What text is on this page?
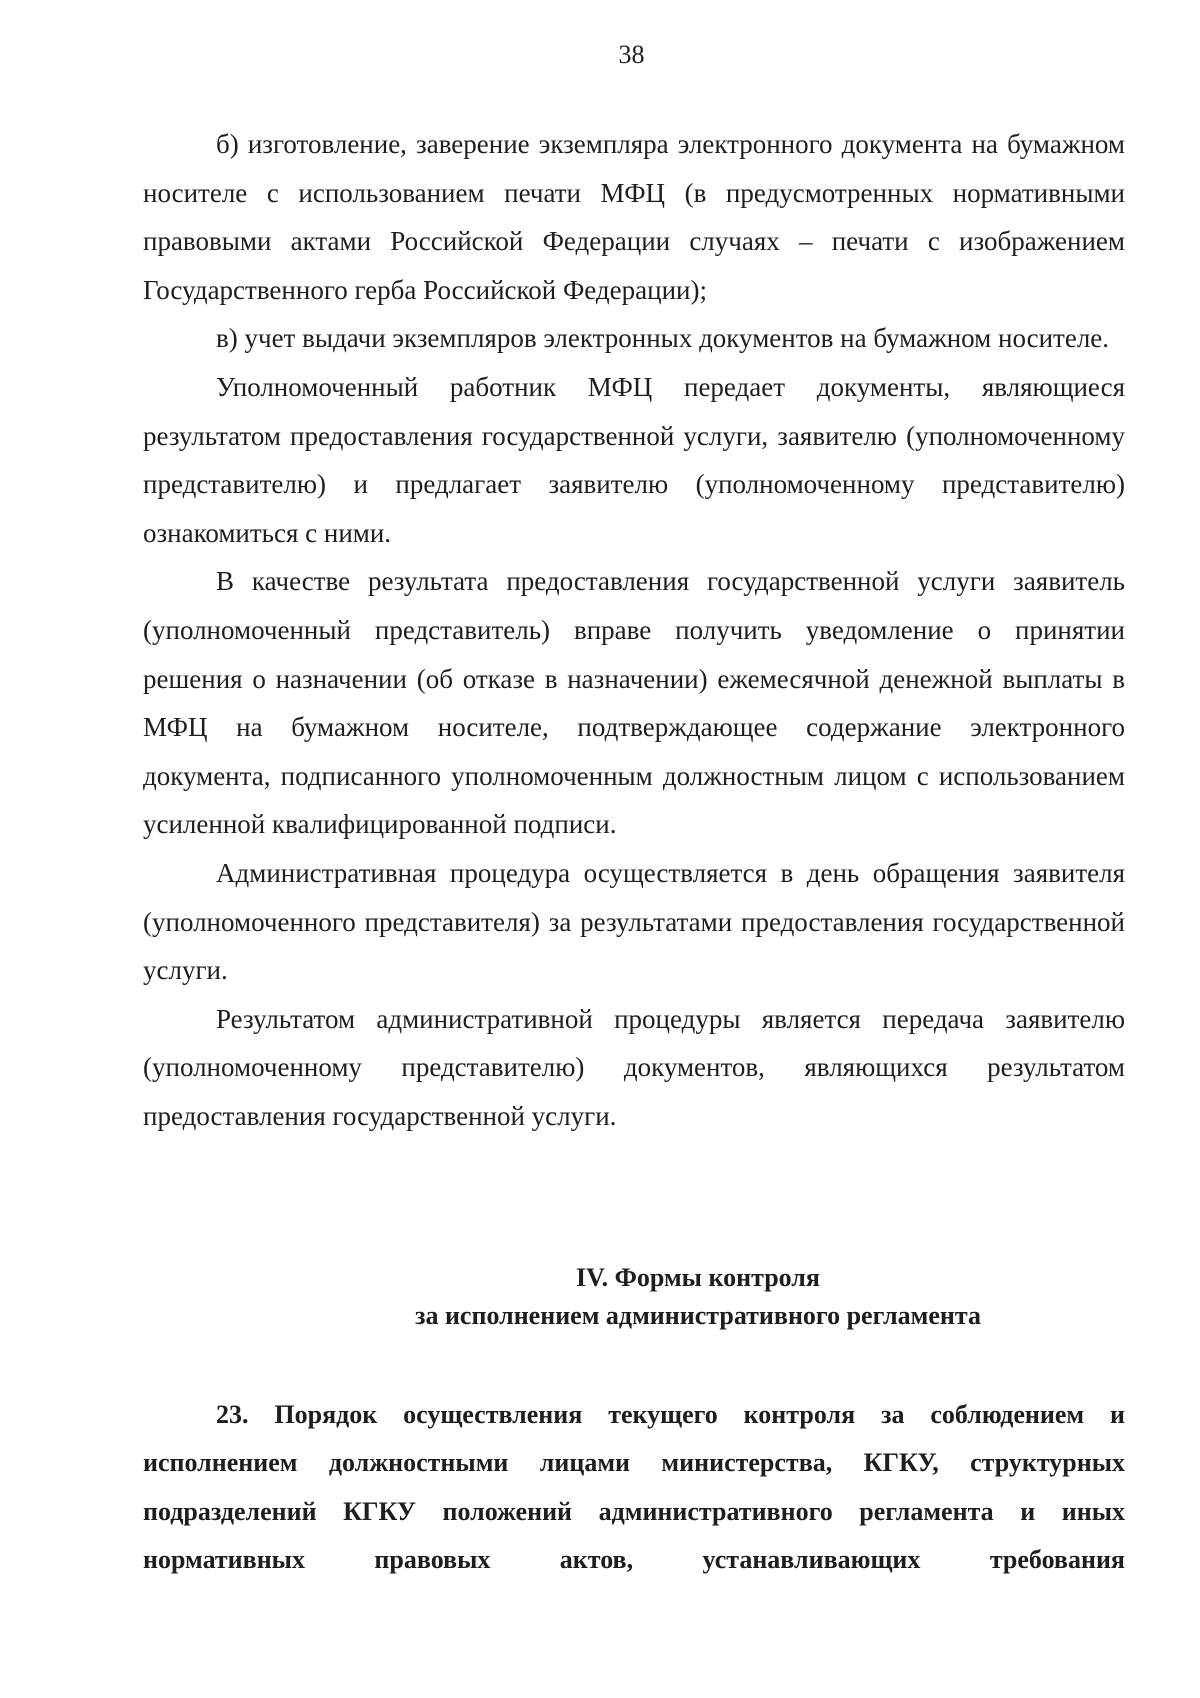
38

б) изготовление, заверение экземпляра электронного документа на бумажном носителе с использованием печати МФЦ (в предусмотренных нормативными правовыми актами Российской Федерации случаях – печати с изображением Государственного герба Российской Федерации);

в) учет выдачи экземпляров электронных документов на бумажном носителе.

Уполномоченный работник МФЦ передает документы, являющиеся результатом предоставления государственной услуги, заявителю (уполномоченному представителю) и предлагает заявителю (уполномоченному представителю) ознакомиться с ними.

В качестве результата предоставления государственной услуги заявитель (уполномоченный представитель) вправе получить уведомление о принятии решения о назначении (об отказе в назначении) ежемесячной денежной выплаты в МФЦ на бумажном носителе, подтверждающее содержание электронного документа, подписанного уполномоченным должностным лицом с использованием усиленной квалифицированной подписи.

Административная процедура осуществляется в день обращения заявителя (уполномоченного представителя) за результатами предоставления государственной услуги.

Результатом административной процедуры является передача заявителю (уполномоченному представителю) документов, являющихся результатом предоставления государственной услуги.

IV. Формы контроля
за исполнением административного регламента

23. Порядок осуществления текущего контроля за соблюдением и исполнением должностными лицами министерства, КГКУ, структурных подразделений КГКУ положений административного регламента и иных нормативных правовых актов, устанавливающих требования
